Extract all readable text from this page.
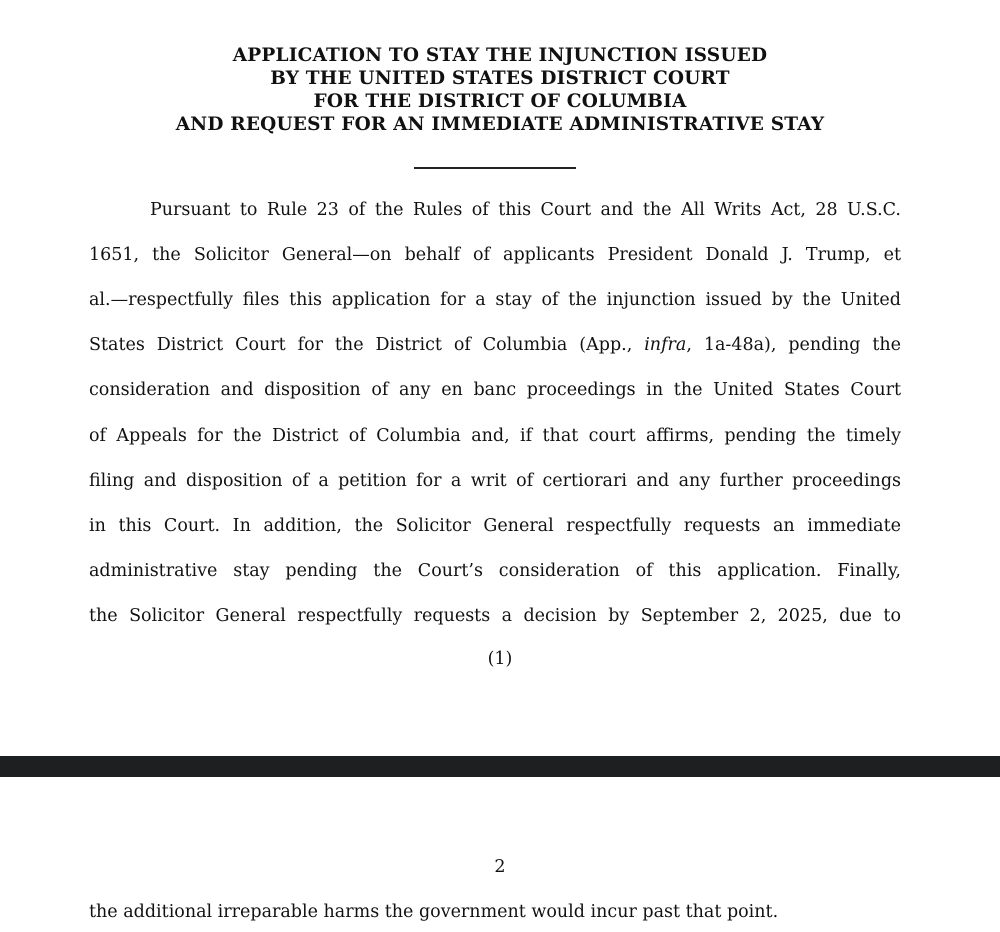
APPLICATION TO STAY THE INJUNCTION ISSUED
BY THE UNITED STATES DISTRICT COURT
FOR THE DISTRICT OF COLUMBIA
AND REQUEST FOR AN IMMEDIATE ADMINISTRATIVE STAY
Pursuant to Rule 23 of the Rules of this Court and the All Writs Act, 28 U.S.C.
1651, the Solicitor General—on behalf of applicants President Donald J. Trump, et
al.—respectfully files this application for a stay of the injunction issued by the United
States District Court for the District of Columbia (App., infra, 1a-48a), pending the
consideration and disposition of any en banc proceedings in the United States Court
of Appeals for the District of Columbia and, if that court affirms, pending the timely
filing and disposition of a petition for a writ of certiorari and any further proceedings
in this Court. In addition, the Solicitor General respectfully requests an immediate
administrative stay pending the Court’s consideration of this application. Finally,
the Solicitor General respectfully requests a decision by September 2, 2025, due to
(1)
2
the additional irreparable harms the government would incur past that point.
